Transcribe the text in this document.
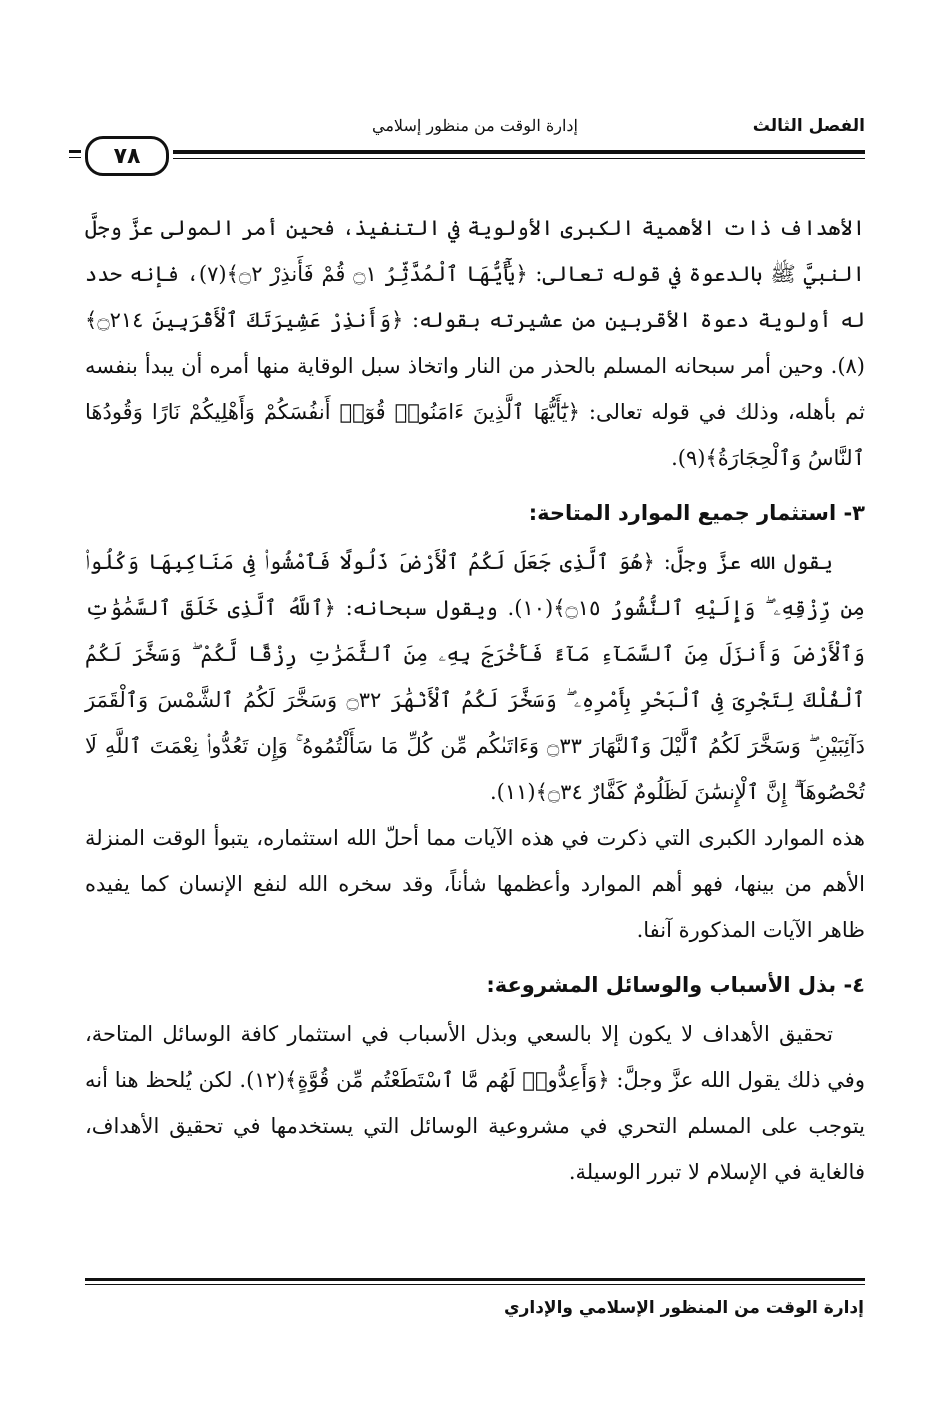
الفصل الثالث
إدارة الوقت من منظور إسلامي
٧٨

الأهداف ذات الأهمية الكبرى الأولوية في التنفيذ، فحين أمر المولى عزَّ وجلَّ النبيَّ ﷺ بالدعوة في قوله تعالى: ﴿يَٰٓأَيُّهَا ٱلْمُدَّثِّرُ ۝١ قُمْ فَأَنذِرْ ۝٢﴾(٧)، فإنه حدد له أولوية دعوة الأقربين من عشيرته بقوله: ﴿وَأَنذِرْ عَشِيرَتَكَ ٱلْأَقْرَبِينَ ۝٢١٤﴾(٨). وحين أمر سبحانه المسلم بالحذر من النار واتخاذ سبل الوقاية منها أمره أن يبدأ بنفسه ثم بأهله، وذلك في قوله تعالى: ﴿يَٰٓأَيُّهَا ٱلَّذِينَ ءَامَنُوا۟ قُوٓا۟ أَنفُسَكُمْ وَأَهْلِيكُمْ نَارًا وَقُودُهَا ٱلنَّاسُ وَٱلْحِجَارَةُ﴾(٩).

٣- استثمار جميع الموارد المتاحة:

يقول الله عزَّ وجلَّ: ﴿هُوَ ٱلَّذِى جَعَلَ لَكُمُ ٱلْأَرْضَ ذَلُولًا فَٱمْشُوا۟ فِى مَنَاكِبِهَا وَكُلُوا۟ مِن رِّزْقِهِۦ ۖ وَإِلَيْهِ ٱلنُّشُورُ ۝١٥﴾(١٠). ويقول سبحانه: ﴿ٱللَّهُ ٱلَّذِى خَلَقَ ٱلسَّمَٰوَٰتِ وَٱلْأَرْضَ وَأَنزَلَ مِنَ ٱلسَّمَآءِ مَآءً فَأَخْرَجَ بِهِۦ مِنَ ٱلثَّمَرَٰتِ رِزْقًا لَّكُمْ ۖ وَسَخَّرَ لَكُمُ ٱلْفُلْكَ لِتَجْرِىَ فِى ٱلْبَحْرِ بِأَمْرِهِۦ ۖ وَسَخَّرَ لَكُمُ ٱلْأَنْهَٰرَ ۝٣٢ وَسَخَّرَ لَكُمُ ٱلشَّمْسَ وَٱلْقَمَرَ دَآئِبَيْنِ ۖ وَسَخَّرَ لَكُمُ ٱلَّيْلَ وَٱلنَّهَارَ ۝٣٣ وَءَاتَىٰكُم مِّن كُلِّ مَا سَأَلْتُمُوهُ ۚ وَإِن تَعُدُّوا۟ نِعْمَتَ ٱللَّهِ لَا تُحْصُوهَآ ۗ إِنَّ ٱلْإِنسَٰنَ لَظَلُومٌ كَفَّارٌ ۝٣٤﴾(١١).

هذه الموارد الكبرى التي ذكرت في هذه الآيات مما أحلّ الله استثماره، يتبوأ الوقت المنزلة الأهم من بينها، فهو أهم الموارد وأعظمها شأناً، وقد سخره الله لنفع الإنسان كما يفيده ظاهر الآيات المذكورة آنفا.

٤- بذل الأسباب والوسائل المشروعة:

تحقيق الأهداف لا يكون إلا بالسعي وبذل الأسباب في استثمار كافة الوسائل المتاحة، وفي ذلك يقول الله عزَّ وجلَّ: ﴿وَأَعِدُّوا۟ لَهُم مَّا ٱسْتَطَعْتُم مِّن قُوَّةٍ﴾(١٢). لكن يُلحظ هنا أنه يتوجب على المسلم التحري في مشروعية الوسائل التي يستخدمها في تحقيق الأهداف، فالغاية في الإسلام لا تبرر الوسيلة.

إدارة الوقت من المنظور الإسلامي والإداري
